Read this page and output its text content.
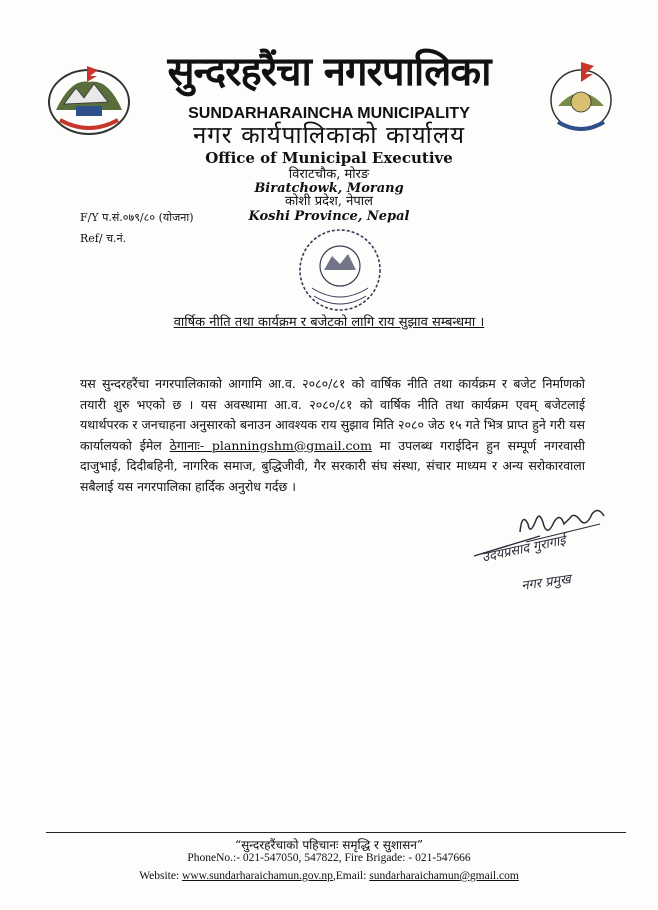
सुन्दरहरैंचा नगरपालिका
SUNDARHARAINCHA MUNICIPALITY
नगर कार्यपालिकाको कार्यालय
Office of Municipal Executive
विराटचौक, मोरङ
Biratchowk, Morang
कोशी प्रदेश, नेपाल
Koshi Province, Nepal
F/Y प.सं.०७९/८० (योजना)
Ref/ च.नं.
वार्षिक नीति तथा कार्यक्रम र बजेटको लागि राय सुझाव सम्बन्धमा ।
यस सुन्दरहरैंचा नगरपालिकाको आगामि आ.व. २०८०/८१ को वार्षिक नीति तथा कार्यक्रम र बजेट निर्माणको तयारी शुरु भएको छ । यस अवस्थामा आ.व. २०८०/८१ को वार्षिक नीति तथा कार्यक्रम एवम् बजेटलाई यथार्थपरक र जनचाहना अनुसारको बनाउन आवश्यक राय सुझाव मिति २०८० जेठ १५ गते भित्र प्राप्त हुने गरी यस कार्यालयको ईमेल ठेगानाः- planningshm@gmail.com मा उपलब्ध गराईदिन हुन सम्पूर्ण नगरवासी दाजुभाई, दिदीबहिनी, नागरिक समाज, बुद्धिजीवी, गैर सरकारी संघ संस्था, संचार माध्यम र अन्य सरोकारवाला सबैलाई यस नगरपालिका हार्दिक अनुरोध गर्दछ ।
उदयप्रसाद गुरागाई
नगर प्रमुख
“सुन्दरहरैंचाको पहिचानः समृद्धि र सुशासन”
PhoneNo.:- 021-547050, 547822, Fire Brigade: - 021-547666
Website: www.sundarharaichamun.gov.np,Email: sundarharaichamun@gmail.com
